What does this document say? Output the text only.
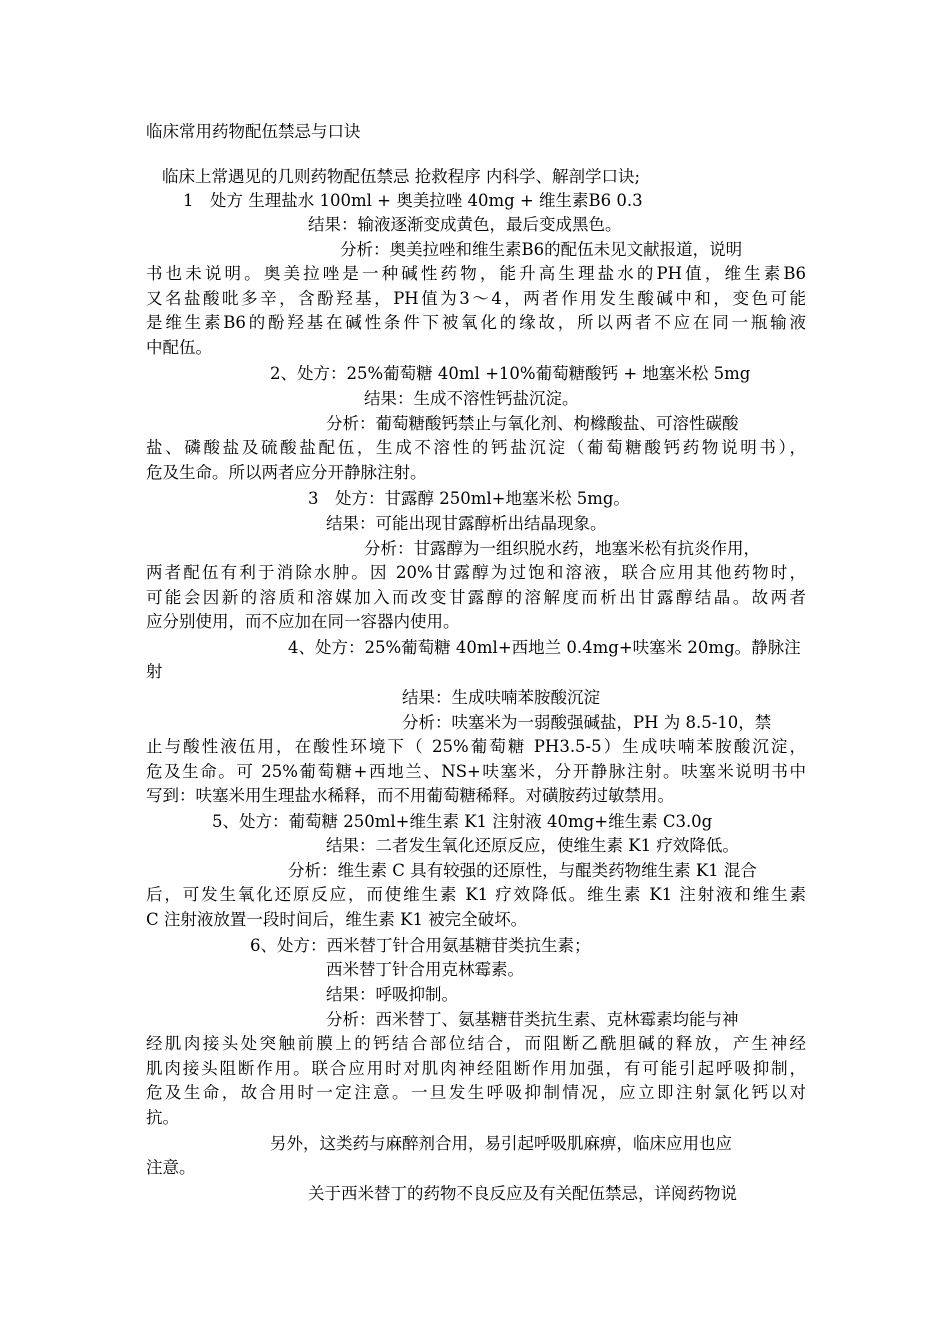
临床常用药物配伍禁忌与口诀
临床上常遇见的几则药物配伍禁忌 抢救程序 内科学、解剖学口诀;
1　处方 生理盐水 100ml + 奥美拉唑 40mg + 维生素B6 0.3
结果：输液逐渐变成黄色，最后变成黑色。
分析：奥美拉唑和维生素B6的配伍未见文献报道，说明
书也未说明。奥美拉唑是一种碱性药物，能升高生理盐水的PH值，维生素B6
又名盐酸吡多辛，含酚羟基，PH值为3～4，两者作用发生酸碱中和，变色可能
是维生素B6的酚羟基在碱性条件下被氧化的缘故，所以两者不应在同一瓶输液
中配伍。
2、处方：25%葡萄糖 40ml +10%葡萄糖酸钙 + 地塞米松 5mg
结果：生成不溶性钙盐沉淀。
分析：葡萄糖酸钙禁止与氧化剂、枸橼酸盐、可溶性碳酸
盐、磷酸盐及硫酸盐配伍，生成不溶性的钙盐沉淀（葡萄糖酸钙药物说明书），
危及生命。所以两者应分开静脉注射。
3　处方：甘露醇 250ml+地塞米松 5mg。
结果：可能出现甘露醇析出结晶现象。
分析：甘露醇为一组织脱水药，地塞米松有抗炎作用，
两者配伍有利于消除水肿。因 20%甘露醇为过饱和溶液，联合应用其他药物时，
可能会因新的溶质和溶媒加入而改变甘露醇的溶解度而析出甘露醇结晶。故两者
应分别使用，而不应加在同一容器内使用。
4、处方：25%葡萄糖 40ml+西地兰 0.4mg+呋塞米 20mg。静脉注
射
结果：生成呋喃苯胺酸沉淀
分析：呋塞米为一弱酸强碱盐，PH 为 8.5-10，禁
止与酸性液伍用，在酸性环境下（ 25%葡萄糖 PH3.5-5）生成呋喃苯胺酸沉淀，
危及生命。可 25%葡萄糖+西地兰、NS+呋塞米，分开静脉注射。呋塞米说明书中
写到：呋塞米用生理盐水稀释，而不用葡萄糖稀释。对磺胺药过敏禁用。
5、处方：葡萄糖 250ml+维生素 K1 注射液 40mg+维生素 C3.0g
结果：二者发生氧化还原反应，使维生素 K1 疗效降低。
分析：维生素 C 具有较强的还原性，与醌类药物维生素 K1 混合
后，可发生氧化还原反应，而使维生素 K1 疗效降低。维生素 K1 注射液和维生素
C 注射液放置一段时间后，维生素 K1 被完全破坏。
6、处方：西米替丁针合用氨基糖苷类抗生素；
西米替丁针合用克林霉素。
结果：呼吸抑制。
分析：西米替丁、氨基糖苷类抗生素、克林霉素均能与神
经肌肉接头处突触前膜上的钙结合部位结合，而阻断乙酰胆碱的释放，产生神经
肌肉接头阻断作用。联合应用时对肌肉神经阻断作用加强，有可能引起呼吸抑制，
危及生命，故合用时一定注意。一旦发生呼吸抑制情况，应立即注射氯化钙以对
抗。
另外，这类药与麻醉剂合用，易引起呼吸肌麻痹，临床应用也应
注意。
关于西米替丁的药物不良反应及有关配伍禁忌，详阅药物说
